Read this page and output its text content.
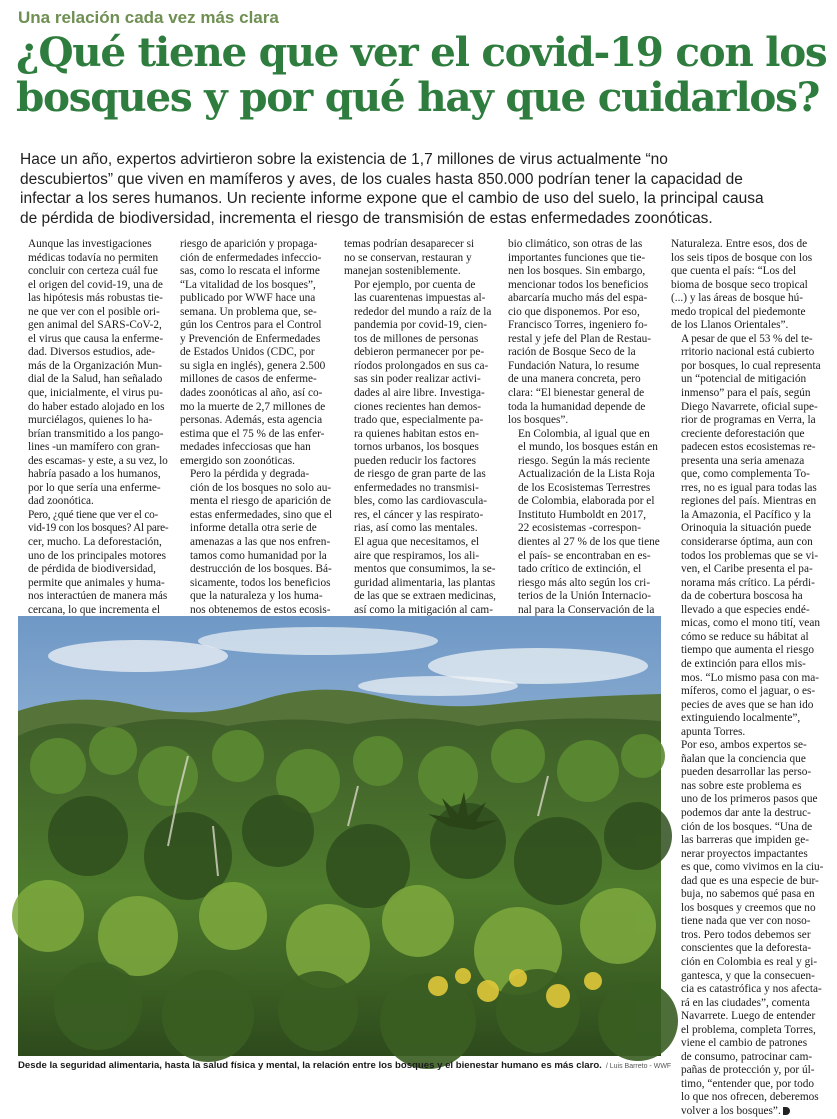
Una relación cada vez más clara
¿Qué tiene que ver el covid-19 con los
bosques y por qué hay que cuidarlos?
Hace un año, expertos advirtieron sobre la existencia de 1,7 millones de virus actualmente “no
descubiertos” que viven en mamíferos y aves, de los cuales hasta 850.000 podrían tener la capacidad de
infectar a los seres humanos. Un reciente informe expone que el cambio de uso del suelo, la principal causa
de pérdida de biodiversidad, incrementa el riesgo de transmisión de estas enfermedades zoonóticas.

Aunque las investigaciones
médicas todavía no permiten
concluir con certeza cuál fue
el origen del covid-19, una de
las hipótesis más robustas tie-
ne que ver con el posible ori-
gen animal del SARS-CoV-2,
el virus que causa la enferme-
dad. Diversos estudios, ade-
más de la Organización Mun-
dial de la Salud, han señalado
que, inicialmente, el virus pu-
do haber estado alojado en los
murciélagos, quienes lo ha-
brían transmitido a los pango-
lines -un mamífero con gran-
des escamas- y este, a su vez, lo
habría pasado a los humanos,
por lo que sería una enferme-
dad zoonótica.

Pero, ¿qué tiene que ver el co-
vid-19 con los bosques? Al pare-
cer, mucho. La deforestación,
uno de los principales motores
de pérdida de biodiversidad,
permite que animales y huma-
nos interactúen de manera más
cercana, lo que incrementa el

riesgo de aparición y propaga-
ción de enfermedades infeccio-
sas, como lo rescata el informe
“La vitalidad de los bosques”,
publicado por WWF hace una
semana. Un problema que, se-
gún los Centros para el Control
y Prevención de Enfermedades
de Estados Unidos (CDC, por
su sigla en inglés), genera 2.500
millones de casos de enferme-
dades zoonóticas al año, así co-
mo la muerte de 2,7 millones de
personas. Además, esta agencia
estima que el 75 % de las enfer-
medades infecciosas que han
emergido son zoonóticas.

Pero la pérdida y degrada-
ción de los bosques no solo au-
menta el riesgo de aparición de
estas enfermedades, sino que el
informe detalla otra serie de
amenazas a las que nos enfren-
tamos como humanidad por la
destrucción de los bosques. Bá-
sicamente, todos los beneficios
que la naturaleza y los huma-
nos obtenemos de estos ecosis-

temas podrían desaparecer si
no se conservan, restauran y
manejan sosteniblemente.

Por ejemplo, por cuenta de
las cuarentenas impuestas al-
rededor del mundo a raíz de la
pandemia por covid-19, cien-
tos de millones de personas
debieron permanecer por pe-
ríodos prolongados en sus ca-
sas sin poder realizar activi-
dades al aire libre. Investiga-
ciones recientes han demos-
trado que, especialmente pa-
ra quienes habitan estos en-
tornos urbanos, los bosques
pueden reducir los factores
de riesgo de gran parte de las
enfermedades no transmisi-
bles, como las cardiovascula-
res, el cáncer y las respirato-
rias, así como las mentales.

El agua que necesitamos, el
aire que respiramos, los ali-
mentos que consumimos, la se-
guridad alimentaria, las plantas
de las que se extraen medicinas,
así como la mitigación al cam-

bio climático, son otras de las
importantes funciones que tie-
nen los bosques. Sin embargo,
mencionar todos los beneficios
abarcaría mucho más del espa-
cio que disponemos. Por eso,
Francisco Torres, ingeniero fo-
restal y jefe del Plan de Restau-
ración de Bosque Seco de la
Fundación Natura, lo resume
de una manera concreta, pero
clara: “El bienestar general de
toda la humanidad depende de
los bosques”.

En Colombia, al igual que en
el mundo, los bosques están en
riesgo. Según la más reciente
Actualización de la Lista Roja
de los Ecosistemas Terrestres
de Colombia, elaborada por el
Instituto Humboldt en 2017,
22 ecosistemas -correspon-
dientes al 27 % de los que tiene
el país- se encontraban en es-
tado crítico de extinción, el
riesgo más alto según los cri-
terios de la Unión Internacio-
nal para la Conservación de la

Naturaleza. Entre esos, dos de
los seis tipos de bosque con los
que cuenta el país: “Los del
bioma de bosque seco tropical
(...) y las áreas de bosque hú-
medo tropical del piedemonte
de los Llanos Orientales”.

A pesar de que el 53 % del te-
rritorio nacional está cubierto
por bosques, lo cual representa
un “potencial de mitigación
inmenso” para el país, según
Diego Navarrete, oficial supe-
rior de programas en Verra, la
creciente deforestación que
padecen estos ecosistemas re-
presenta una seria amenaza
que, como complementa To-
rres, no es igual para todas las
regiones del país. Mientras en
la Amazonia, el Pacífico y la
Orinoquia la situación puede
considerarse óptima, aun con
todos los problemas que se vi-
ven, el Caribe presenta el pa-
norama más crítico. La pérdi-
da de cobertura boscosa ha
llevado a que especies endé-
micas, como el mono tití, vean
cómo se reduce su hábitat al
tiempo que aumenta el riesgo
de extinción para ellos mis-
mos. “Lo mismo pasa con ma-
míferos, como el jaguar, o es-
pecies de aves que se han ido
extinguiendo localmente”,
apunta Torres.

Por eso, ambos expertos se-
ñalan que la conciencia que
pueden desarrollar las perso-
nas sobre este problema es
uno de los primeros pasos que
podemos dar ante la destruc-
ción de los bosques. “Una de
las barreras que impiden ge-
nerar proyectos impactantes
es que, como vivimos en la ciu-
dad que es una especie de bur-
buja, no sabemos qué pasa en
los bosques y creemos que no
tiene nada que ver con noso-
tros. Pero todos debemos ser
conscientes que la deforesta-
ción en Colombia es real y gi-
gantesca, y que la consecuen-
cia es catastrófica y nos afecta-
rá en las ciudades”, comenta
Navarrete. Luego de entender
el problema, completa Torres,
viene el cambio de patrones
de consumo, patrocinar cam-
pañas de protección y, por úl-
timo, “entender que, por todo
lo que nos ofrecen, deberemos
volver a los bosques”.

Desde la seguridad alimentaria, hasta la salud física y mental, la relación entre los bosques y el bienestar humano es más claro. / Luis Barreto - WWF
